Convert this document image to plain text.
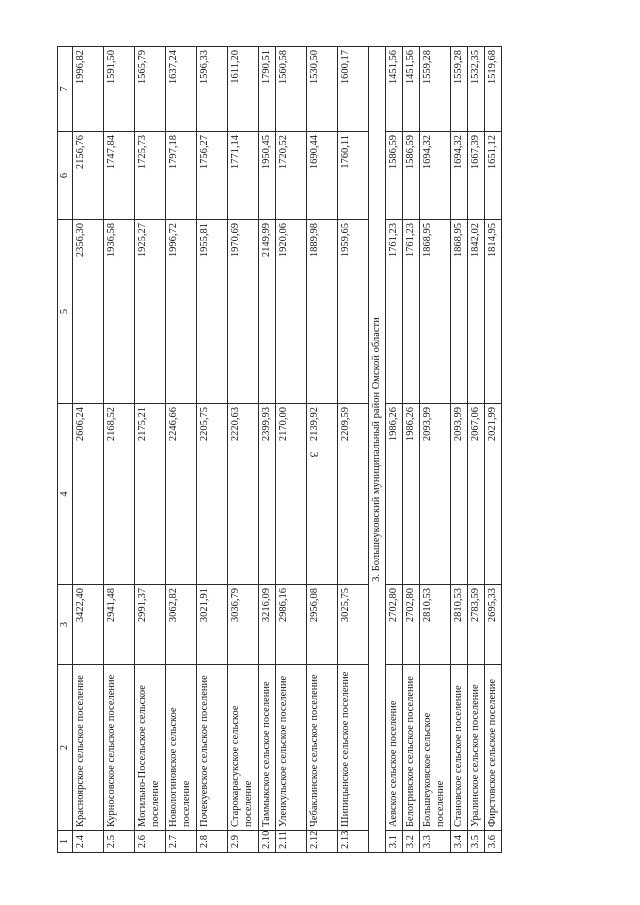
3
1	2	3	4	5	6	7
2.4	Красноярское сельское поселение	3422,40	2606,24	2356,30	2156,76	1996,82
2.5	Курносовское сельское поселение	2941,48	2168,52	1936,58	1747,84	1591,50
2.6	Могильно-Посельское сельское поселение	2991,37	2175,21	1925,27	1725,73	1565,79
2.7	Новологиновское сельское поселение	3062,82	2246,66	1996,72	1797,18	1637,24
2.8	Почекуевское сельское поселение	3021,91	2205,75	1955,81	1756,27	1596,33
2.9	Старокарасукское сельское поселение	3036,79	2220,63	1970,69	1771,14	1611,20
2.10	Таммыкское сельское поселение	3216,09	2399,93	2149,99	1950,45	1790,51
2.11	Уленкульское сельское поселение	2986,16	2170,00	1920,06	1720,52	1560,58
2.12	Чебаклинское сельское поселение	2956,08	2139,92	1889,98	1690,44	1530,50
2.13	Шипицынское сельское поселение	3025,75	2209,59	1959,65	1760,11	1600,17
3. Большеуковский муниципальный район Омской области						
3.1	Аевское сельское поселение	2702,80	1986,26	1761,23	1586,59	1451,56
3.2	Белогривское сельское поселение	2702,80	1986,26	1761,23	1586,59	1451,56
3.3	Большеуковское сельское поселение	2810,53	2093,99	1868,95	1694,32	1559,28
3.4	Становское сельское поселение	2810,53	2093,99	1868,95	1694,32	1559,28
3.5	Уралинское сельское поселение	2783,59	2067,06	1842,02	1667,39	1532,35
3.6	Фирстовское сельское поселение	2695,33	2021,99	1814,95	1651,12	1519,68
